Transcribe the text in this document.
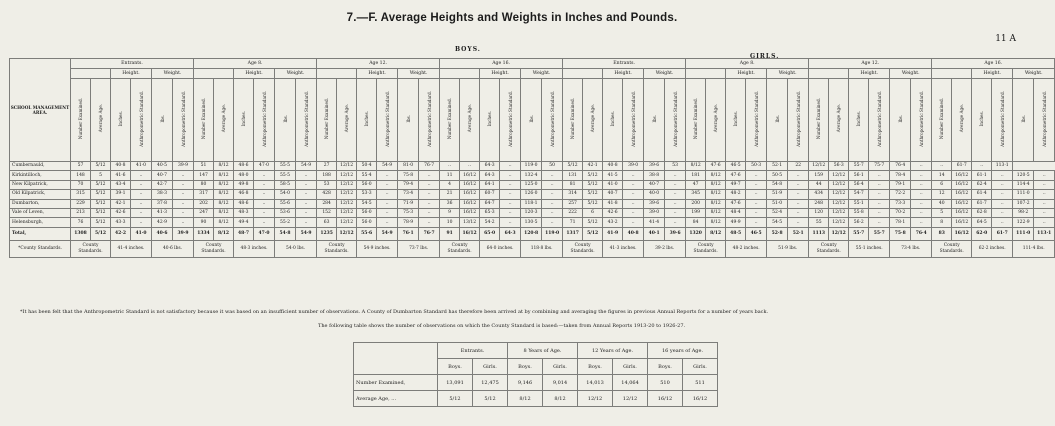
7.—F. Average Heights and Weights in Inches and Pounds.
11 A
BOYS.
GIRLS.
SCHOOL MANAGEMENT AREA.	Entrants.						Age 8.						Age 12.						Age 16.						Entrants.						Age 8.						Age 12.						Age 16.					
			Height.		Weight.				Height.		Weight.				Height.		Weight.				Height.		Weight.				Height.		Weight.				Height.		Weight.				Height.		Weight.				Height.		Weight.	
	Number Examined.	Average Age.	Inches.	Anthropometric Standard.	lbs.	Anthropometric Standard.	Number Examined.	Average Age.	Inches.	Anthropometric Standard.	lbs.	Anthropometric Standard.	Number Examined.	Average Age.	Inches.	Anthropometric Standard.	lbs.	Anthropometric Standard.	Number Examined.	Average Age.	Inches.	Anthropometric Standard.	lbs.	Anthropometric Standard.	Number Examined.	Average Age.	Inches.	Anthropometric Standard.	lbs.	Anthropometric Standard.	Number Examined.	Average Age.	Inches.	Anthropometric Standard.	lbs.	Anthropometric Standard.	Number Examined.	Average Age.	Inches.	Anthropometric Standard.	lbs.	Anthropometric Standard.	Number Examined.	Average Age.	Inches.	Anthropometric Standard.	lbs.	Anthropometric Standard.
Cumbernauld,	57	5/12	40·8	41·0	40·5	39·9	51	8/12	48·6	47·0	55·5	54·9	27	12/12	50·4	54·9	81·0	76·7	..	..	64·3	..	119·0	50	5/12	42·1	40·8	39·0	39·6	53	8/12	47·6	46·5	50·3	52·1	22	12/12	56·3	55·7	75·7	76·4	..	..	61·7	..	113·1		
Kirkintilloch,	148	5	41·6	..	40·7	..	147	8/12	48·0	..	55·5	..	188	12/12	55·4	..	75·8	..	11	16/12	64·3	..	132·4	..	131	5/12	41·5	..	38·8	..	181	8/12	47·6	..	50·5	..	159	12/12	56·1	..	78·4	..	14	16/12	61·1	..	120·5	..
New Kilpatrick,	70	5/12	43·4	..	42·7	..	80	8/12	49·8	..	58·5	..	53	12/12	56·0	..	79·4	..	4	16/12	64·1	..	125·0	..	81	5/12	41·0	..	40·7	..	47	8/12	49·7	..	54·8	..	44	12/12	56·4	..	79·1	..	6	16/12	62·4	..	114·4	..
Old Kilpatrick,	315	5/12	39·1	..	38·3	..	317	8/12	46·8	..	54·0	..	428	12/12	53·3	..	73·4	..	21	16/12	60·7	..	126·0	..	314	5/12	40·7	..	40·0	..	345	8/12	48·2	..	51·9	..	434	12/12	54·7	..	72·2	..	12	16/12	61·4	..	111·0	..
Dumbarton,	229	5/12	42·1	..	37·8	..	202	8/12	48·6	..	55·6	..	284	12/12	54·5	..	71·9	..	36	16/12	64·7	..	118·1	..	257	5/12	41·8	..	39·6	..	200	8/12	47·6	..	51·0	..	248	12/12	55·1	..	73·3	..	40	16/12	61·7	..	107·2	..
Vale of Leven,	213	5/12	42·6	..	41·3	..	247	8/12	48·3	..	53·6	..	152	12/12	56·0	..	75·3	..	9	16/12	65·3	..	120·3	..	222	6	42·6	..	39·0	..	199	8/12	48·4	..	52·4	..	120	12/12	55·8	..	70·2	..	5	16/12	62·8	..	98·2	..
Helensburgh,	76	5/12	43·3	..	42·9	..	90	8/12	49·4	..	55·2	..	63	12/12	56·0	..	78·9	..	10	13/12	54·2	..	130·5	..	71	5/12	43·2	..	41·4	..	84	8/12	49·9	..	54·5	..	55	12/12	56·2	..	78·1	..	8	16/12	64·5	..	122·9	..
Total,	1308	5/12	42·2	41·0	40·6	39·9	1334	8/12	48·7	47·0	54·8	54·9	1235	12/12	55·6	54·9	76·1	76·7	91	16/12	65·0	64·3	120·8	119·0	1317	5/12	41·9	40·8	40·1	39·6	1320	8/12	48·5	46·5	52·8	52·1	1113	12/12	55·7	55·7	75·8	76·4	83	16/12	62·0	61·7	111·0	113·1
*County Standards.	County Standards.		41·4 inches.		40·6 lbs.		County Standards.		48·3 inches.		54·0 lbs.		County Standards.		54·9 inches.		73·7 lbs.		County Standards.		64·0 inches.		118·8 lbs.		County Standards.		41·3 inches.		39·2 lbs.		County Standards.		48·2 inches.		51·9 lbs.		County Standards.		55·1 inches.		73·4 lbs.		County Standards.		62·2 inches.		111·4 lbs.	
*It has been felt that the Anthropometric Standard is not satisfactory because it was based on an insufficient number of observations. A County of Dumbarton Standard has therefore been arrived at by combining and averaging the figures in previous Annual Reports for a number of years back.
The following table shows the number of observations on which the County Standard is based:—taken from Annual Reports 1913-20 to 1926-27.
	Entrants.		8 Years of Age.		12 Years of Age.		16 years of Age.	
	Boys.	Girls.	Boys.	Girls.	Boys.	Girls.	Boys.	Girls.
Number Examined,	13,091	12,475	9,146	9,014	14,013	14,064	510	511
Average Age, ...	5/12	5/12	8/12	8/12	12/12	12/12	16/12	16/12
